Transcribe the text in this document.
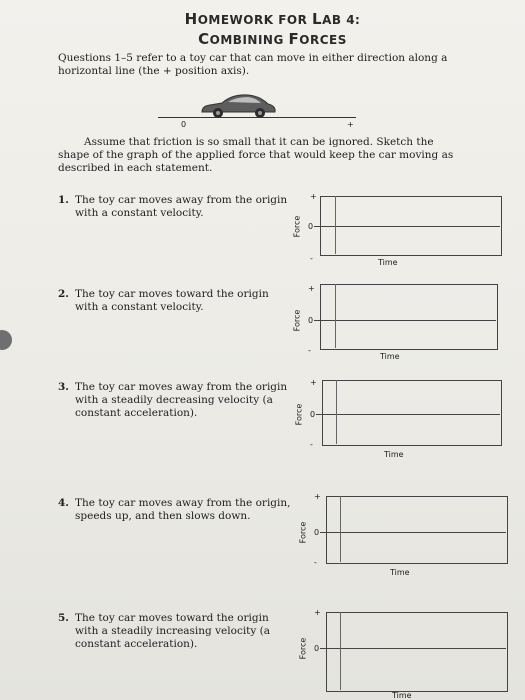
HOMEWORK FOR LAB 4:
COMBINING FORCES
Questions 1–5 refer to a toy car that can move in either direction along a horizontal line (the + position axis).
0	+
Assume that friction is so small that it can be ignored. Sketch the shape of the graph of the applied force that would keep the car moving as described in each statement.
1. The toy car moves away from the origin with a constant velocity.
+
-
0
Force
Time
2. The toy car moves toward the origin with a constant velocity.
+
-
0
Force
Time
3. The toy car moves away from the origin with a steadily decreasing velocity (a constant acceleration).
+
-
0
Force
Time
4. The toy car moves away from the origin, speeds up, and then slows down.
+
-
0
Force
Time
5. The toy car moves toward the origin with a steadily increasing velocity (a constant acceleration).
+
0
Force
Time
